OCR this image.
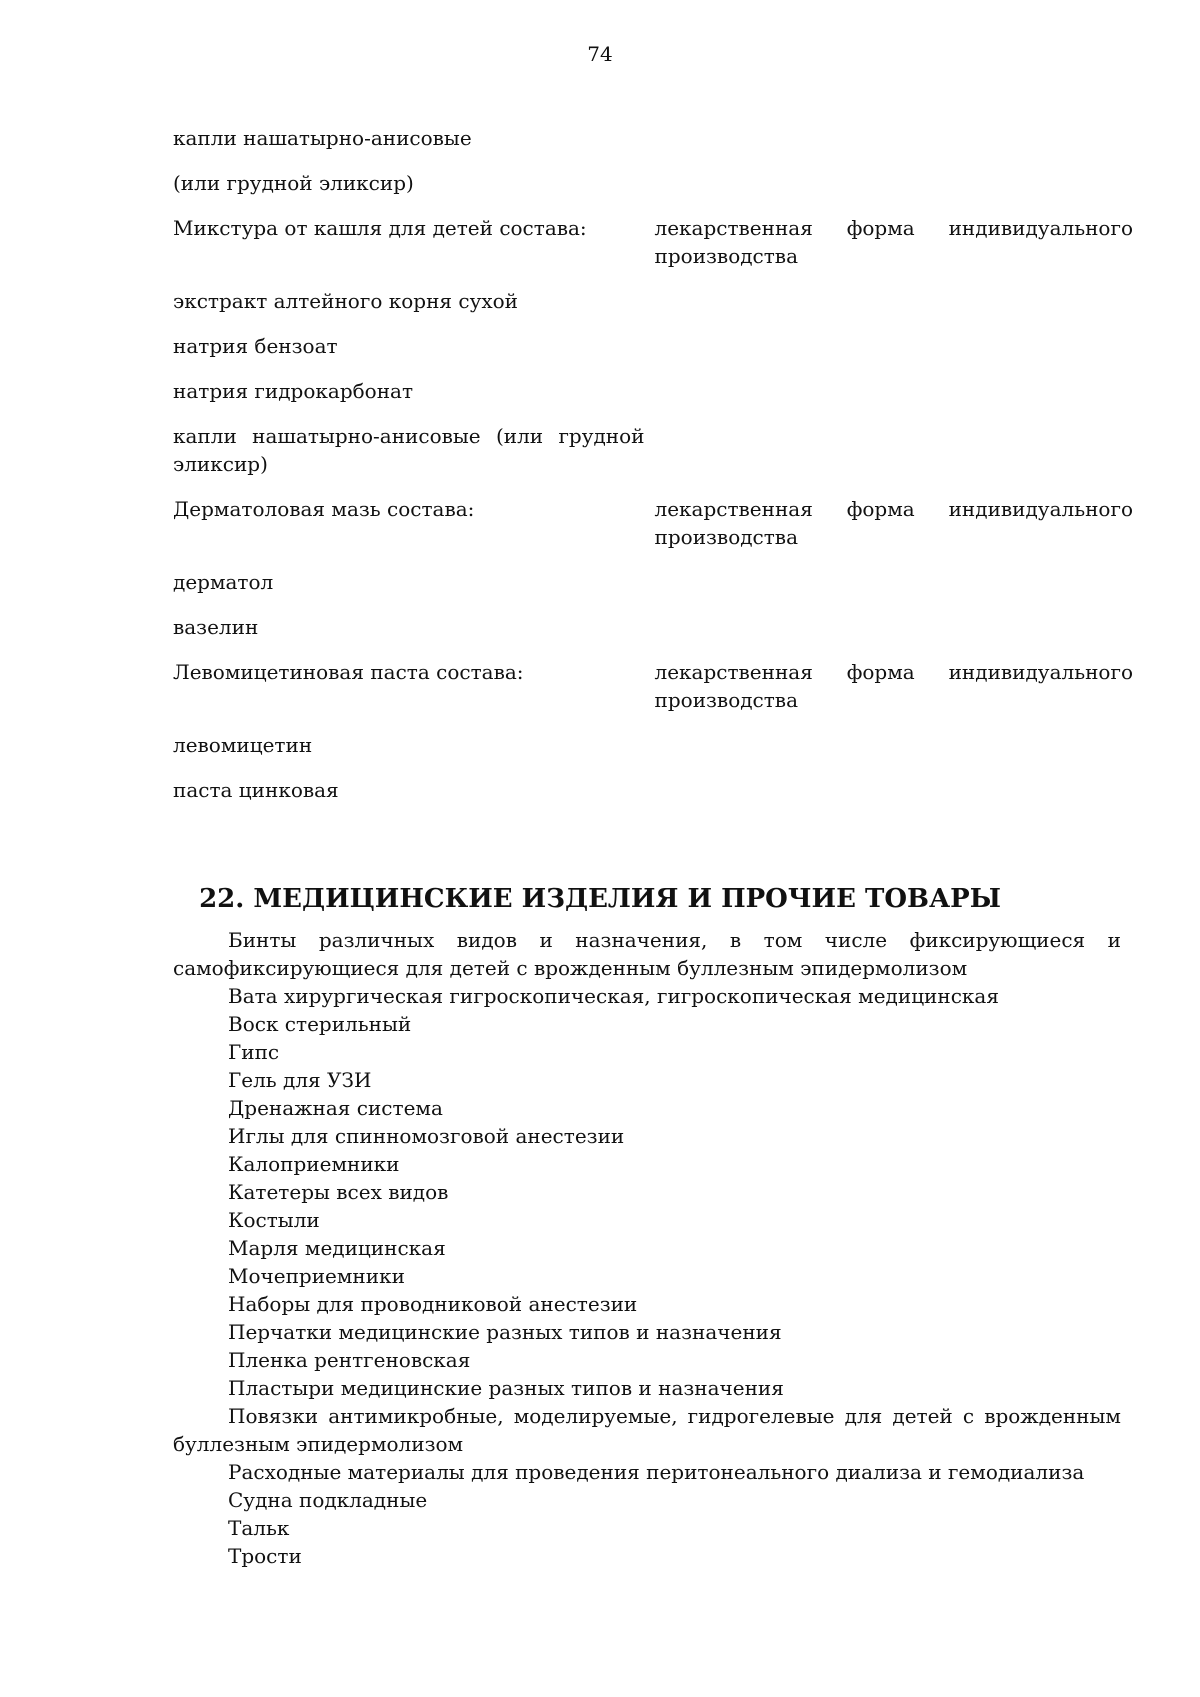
74
капли нашатырно-анисовые
(или грудной эликсир)
Микстура от кашля для детей состава:	лекарственная форма индивидуального
производства
экстракт алтейного корня сухой
натрия бензоат
натрия гидрокарбонат
капли нашатырно-анисовые (или грудной эликсир)
Дерматоловая мазь состава:	лекарственная форма индивидуального
производства
дерматол
вазелин
Левомицетиновая паста состава:	лекарственная форма индивидуального
производства
левомицетин
паста цинковая
22. МЕДИЦИНСКИЕ ИЗДЕЛИЯ И ПРОЧИЕ ТОВАРЫ
Бинты различных видов и назначения, в том числе фиксирующиеся и самофиксирующиеся для детей с врожденным буллезным эпидермолизом
Вата хирургическая гигроскопическая, гигроскопическая медицинская
Воск стерильный
Гипс
Гель для УЗИ
Дренажная система
Иглы для спинномозговой анестезии
Калоприемники
Катетеры всех видов
Костыли
Марля медицинская
Мочеприемники
Наборы для проводниковой анестезии
Перчатки медицинские разных типов и назначения
Пленка рентгеновская
Пластыри медицинские разных типов и назначения
Повязки антимикробные, моделируемые, гидрогелевые для детей с врожденным буллезным эпидермолизом
Расходные материалы для проведения перитонеального диализа и гемодиализа
Судна подкладные
Тальк
Трости
